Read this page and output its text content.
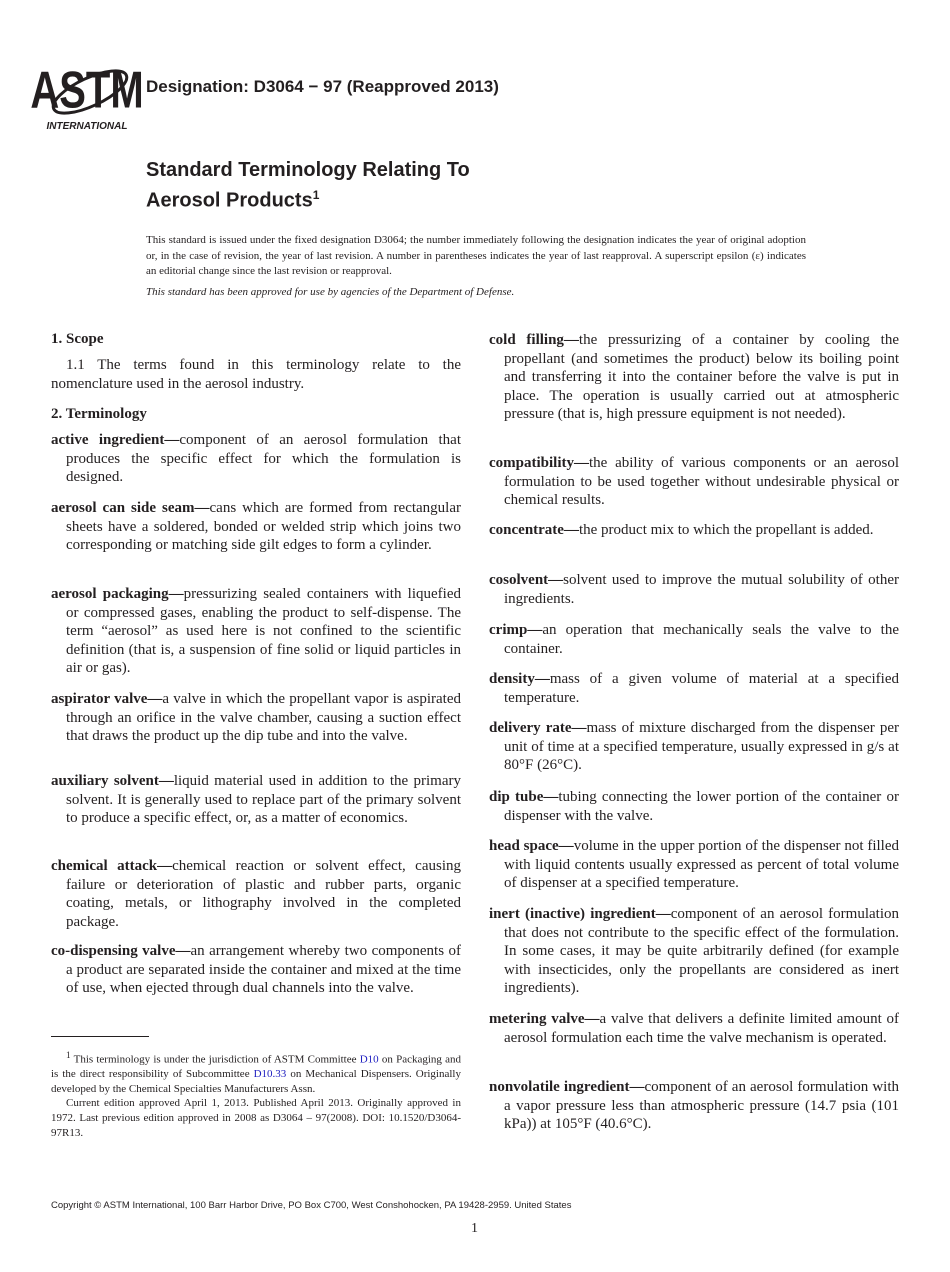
ASTM
INTERNATIONAL
Designation: D3064 − 97 (Reapproved 2013)
Standard Terminology Relating To
Aerosol Products$^1$
This standard is issued under the fixed designation D3064; the number immediately following the designation indicates the year of original adoption or, in the case of revision, the year of last revision. A number in parentheses indicates the year of last reapproval. A superscript epsilon (ε) indicates an editorial change since the last revision or reapproval.
This standard has been approved for use by agencies of the Department of Defense.
1. Scope
1.1 The terms found in this terminology relate to the nomenclature used in the aerosol industry.
2. Terminology
active ingredient—component of an aerosol formulation that produces the specific effect for which the formulation is designed.
aerosol can side seam—cans which are formed from rectangular sheets have a soldered, bonded or welded strip which joins two corresponding or matching side gilt edges to form a cylinder.
aerosol packaging—pressurizing sealed containers with liquefied or compressed gases, enabling the product to self-dispense. The term “aerosol” as used here is not confined to the scientific definition (that is, a suspension of fine solid or liquid particles in air or gas).
aspirator valve—a valve in which the propellant vapor is aspirated through an orifice in the valve chamber, causing a suction effect that draws the product up the dip tube and into the valve.
auxiliary solvent—liquid material used in addition to the primary solvent. It is generally used to replace part of the primary solvent to produce a specific effect, or, as a matter of economics.
chemical attack—chemical reaction or solvent effect, causing failure or deterioration of plastic and rubber parts, organic coating, metals, or lithography involved in the completed package.
co-dispensing valve—an arrangement whereby two components of a product are separated inside the container and mixed at the time of use, when ejected through dual channels into the valve.
cold filling—the pressurizing of a container by cooling the propellant (and sometimes the product) below its boiling point and transferring it into the container before the valve is put in place. The operation is usually carried out at atmospheric pressure (that is, high pressure equipment is not needed).
compatibility—the ability of various components or an aerosol formulation to be used together without undesirable physical or chemical results.
concentrate—the product mix to which the propellant is added.
cosolvent—solvent used to improve the mutual solubility of other ingredients.
crimp—an operation that mechanically seals the valve to the container.
density—mass of a given volume of material at a specified temperature.
delivery rate—mass of mixture discharged from the dispenser per unit of time at a specified temperature, usually expressed in g/s at 80°F (26°C).
dip tube—tubing connecting the lower portion of the container or dispenser with the valve.
head space—volume in the upper portion of the dispenser not filled with liquid contents usually expressed as percent of total volume of dispenser at a specified temperature.
inert (inactive) ingredient—component of an aerosol formulation that does not contribute to the specific effect of the formulation. In some cases, it may be quite arbitrarily defined (for example with insecticides, only the propellants are considered as inert ingredients).
metering valve—a valve that delivers a definite limited amount of aerosol formulation each time the valve mechanism is operated.
nonvolatile ingredient—component of an aerosol formulation with a vapor pressure less than atmospheric pressure (14.7 psia (101 kPa)) at 105°F (40.6°C).

$^1$ This terminology is under the jurisdiction of ASTM Committee D10 on Packaging and is the direct responsibility of Subcommittee D10.33 on Mechanical Dispensers. Originally developed by the Chemical Specialties Manufacturers Assn.

Current edition approved April 1, 2013. Published April 2013. Originally approved in 1972. Last previous edition approved in 2008 as D3064 – 97(2008). DOI: 10.1520/D3064-97R13.

Copyright © ASTM International, 100 Barr Harbor Drive, PO Box C700, West Conshohocken, PA 19428-2959. United States
1
